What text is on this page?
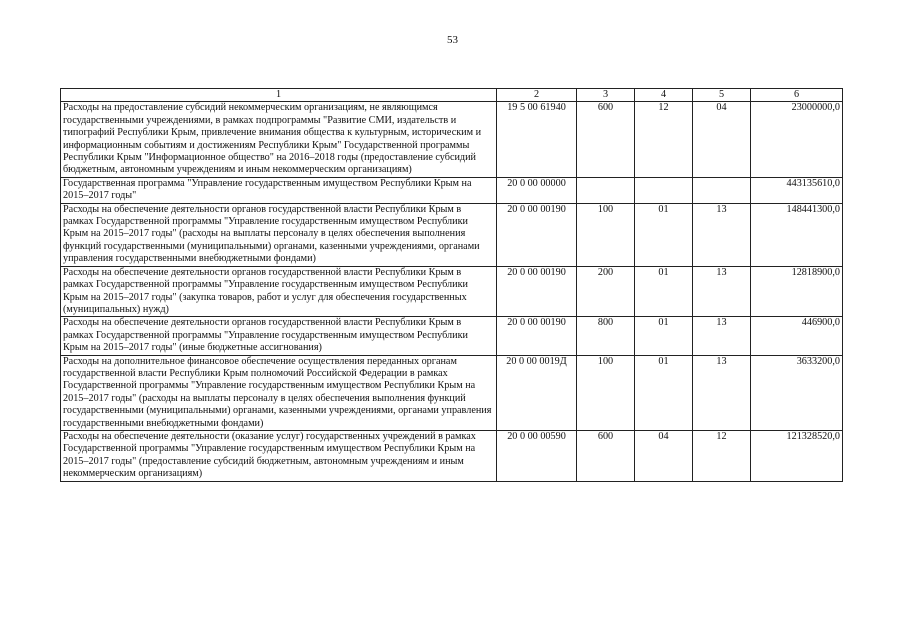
53
1	2	3	4	5	6
Расходы на предоставление субсидий некоммерческим организациям, не являющимся государственными учреждениями, в рамках подпрограммы "Развитие СМИ, издательств и типографий Республики Крым, привлечение внимания общества к культурным, историческим и информационным событиям и достижениям Республики Крым" Государственной программы Республики Крым "Информационное общество" на 2016–2018 годы (предоставление субсидий бюджетным, автономным учреждениям и иным некоммерческим организациям)	19 5 00 61940	600	12	04	23000000,0
Государственная программа "Управление государственным имуществом Республики Крым на 2015–2017 годы"	20 0 00 00000				443135610,0
Расходы на обеспечение деятельности органов государственной власти Республики Крым в рамках Государственной программы "Управление государственным имуществом Республики Крым на 2015–2017 годы" (расходы на выплаты персоналу в целях обеспечения выполнения функций государственными (муниципальными) органами, казенными учреждениями, органами управления государственными внебюджетными фондами)	20 0 00 00190	100	01	13	148441300,0
Расходы на обеспечение деятельности органов государственной власти Республики Крым в рамках Государственной программы "Управление государственным имуществом Республики Крым на 2015–2017 годы" (закупка товаров, работ и услуг для обеспечения государственных (муниципальных) нужд)	20 0 00 00190	200	01	13	12818900,0
Расходы на обеспечение деятельности органов государственной власти Республики Крым в рамках Государственной программы "Управление государственным имуществом Республики Крым на 2015–2017 годы" (иные бюджетные ассигнования)	20 0 00 00190	800	01	13	446900,0
Расходы на дополнительное финансовое обеспечение осуществления переданных органам государственной власти Республики Крым полномочий Российской Федерации в рамках Государственной программы "Управление государственным имуществом Республики Крым на 2015–2017 годы" (расходы на выплаты персоналу в целях обеспечения выполнения функций государственными (муниципальными) органами, казенными учреждениями, органами управления государственными внебюджетными фондами)	20 0 00 0019Д	100	01	13	3633200,0
Расходы на обеспечение деятельности (оказание услуг) государственных учреждений в рамках Государственной программы "Управление государственным имуществом Республики Крым на 2015–2017 годы" (предоставление субсидий бюджетным, автономным учреждениям и иным некоммерческим организациям)	20 0 00 00590	600	04	12	121328520,0
